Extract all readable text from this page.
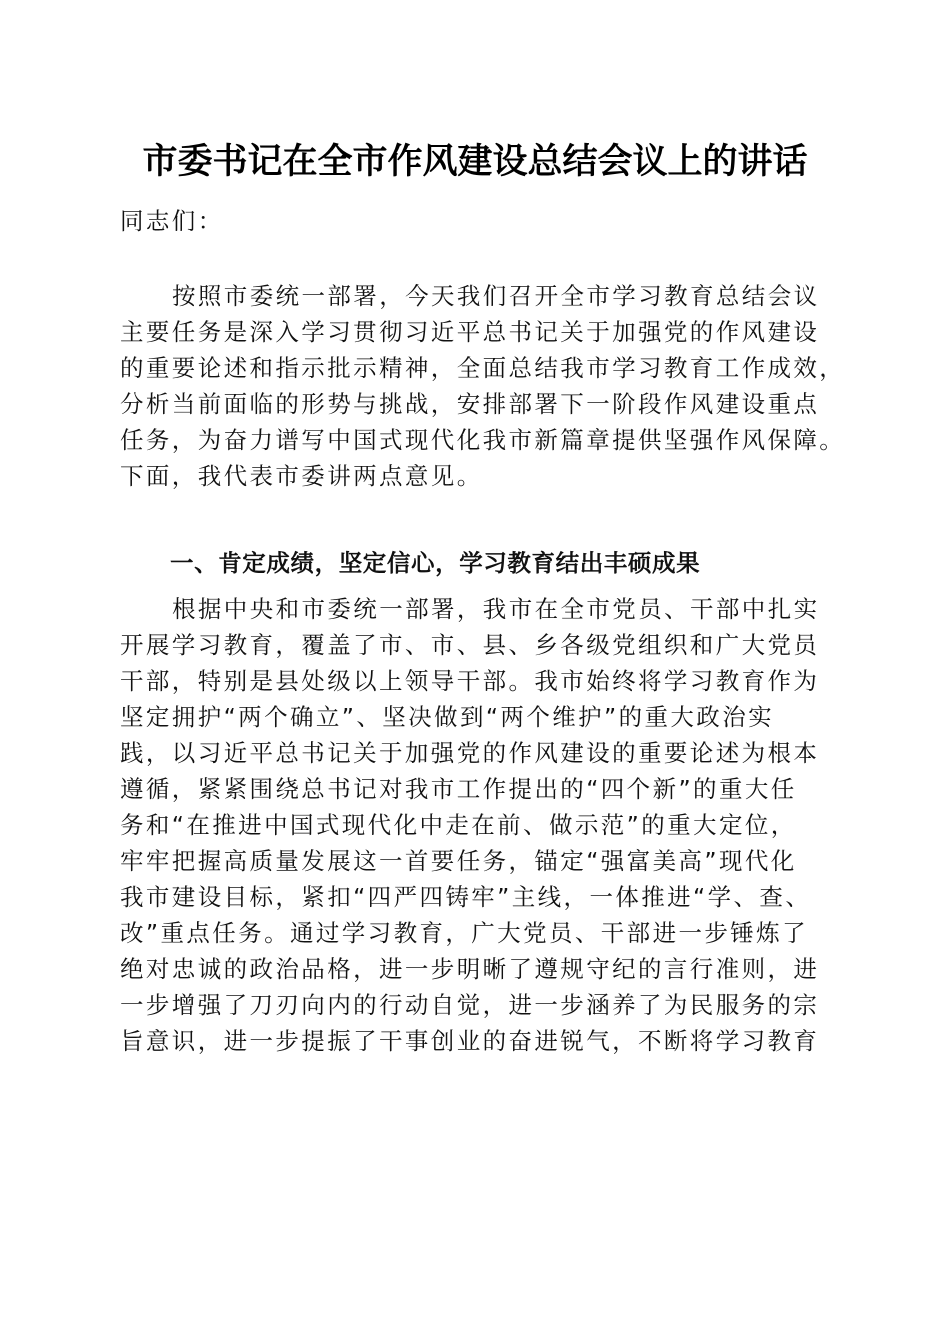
市委书记在全市作风建设总结会议上的讲话
同志们：
按照市委统一部署，今天我们召开全市学习教育总结会议
主要任务是深入学习贯彻习近平总书记关于加强党的作风建设
的重要论述和指示批示精神，全面总结我市学习教育工作成效，
分析当前面临的形势与挑战，安排部署下一阶段作风建设重点
任务，为奋力谱写中国式现代化我市新篇章提供坚强作风保障。
下面，我代表市委讲两点意见。
一、肯定成绩，坚定信心，学习教育结出丰硕成果
根据中央和市委统一部署，我市在全市党员、干部中扎实
开展学习教育，覆盖了市、市、县、乡各级党组织和广大党员
干部，特别是县处级以上领导干部。我市始终将学习教育作为
坚定拥护“两个确立”、坚决做到“两个维护”的重大政治实
践，以习近平总书记关于加强党的作风建设的重要论述为根本
遵循，紧紧围绕总书记对我市工作提出的“四个新”的重大任
务和“在推进中国式现代化中走在前、做示范”的重大定位，
牢牢把握高质量发展这一首要任务，锚定“强富美高”现代化
我市建设目标，紧扣“四严四铸牢”主线，一体推进“学、查、
改”重点任务。通过学习教育，广大党员、干部进一步锤炼了
绝对忠诚的政治品格，进一步明晰了遵规守纪的言行准则，进
一步增强了刀刃向内的行动自觉，进一步涵养了为民服务的宗
旨意识，进一步提振了干事创业的奋进锐气，不断将学习教育
